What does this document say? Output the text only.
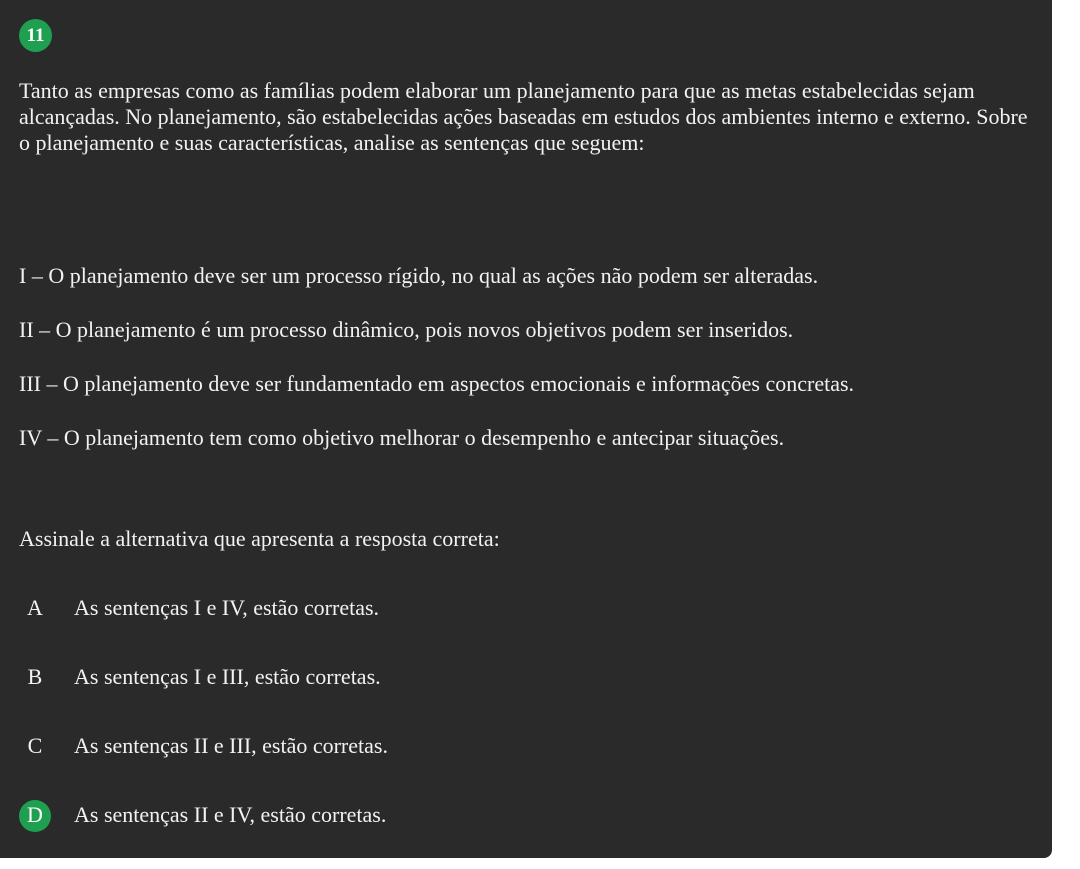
11

Tanto as empresas como as famílias podem elaborar um planejamento para que as metas estabelecidas sejam alcançadas. No planejamento, são estabelecidas ações baseadas em estudos dos ambientes interno e externo. Sobre o planejamento e suas características, analise as sentenças que seguem:

I – O planejamento deve ser um processo rígido, no qual as ações não podem ser alteradas.
II – O planejamento é um processo dinâmico, pois novos objetivos podem ser inseridos.
III – O planejamento deve ser fundamentado em aspectos emocionais e informações concretas.
IV – O planejamento tem como objetivo melhorar o desempenho e antecipar situações.

Assinale a alternativa que apresenta a resposta correta:

A	As sentenças I e IV, estão corretas.
B	As sentenças I e III, estão corretas.
C	As sentenças II e III, estão corretas.
D	As sentenças II e IV, estão corretas.
